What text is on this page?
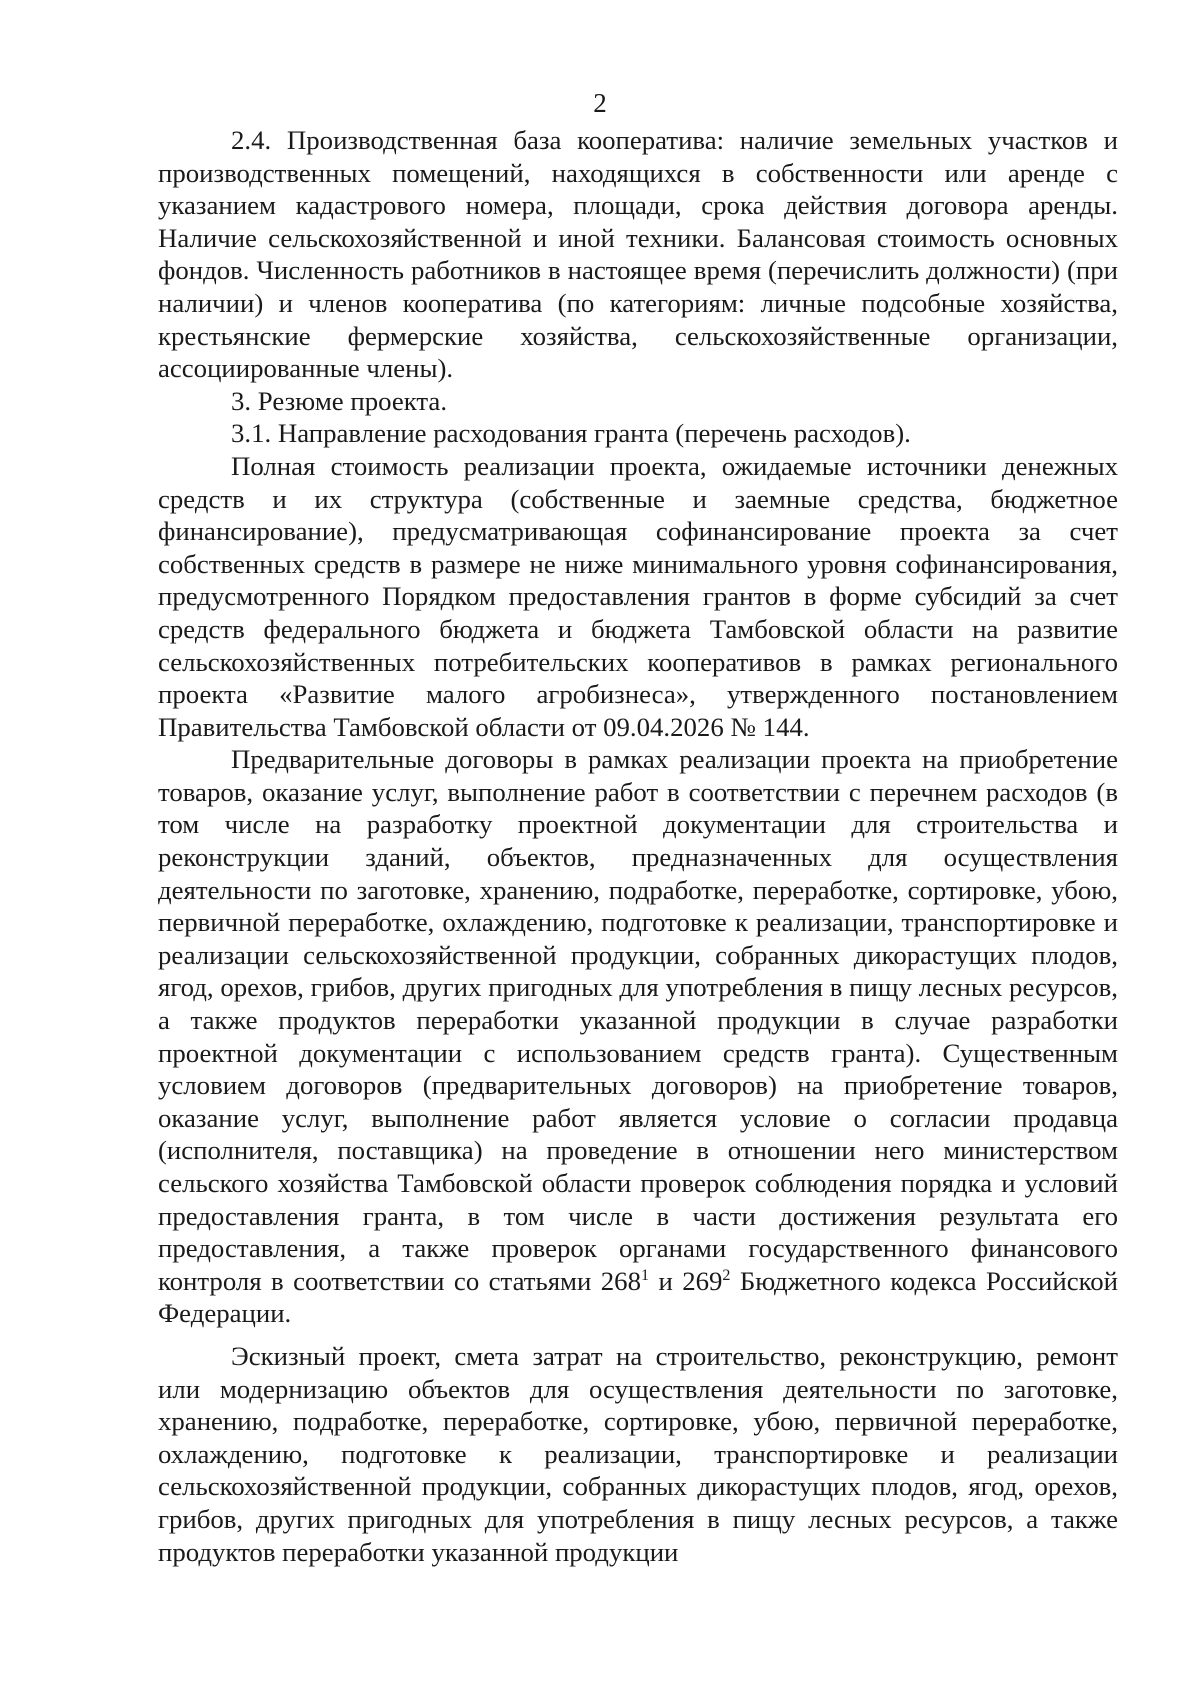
2

2.4. Производственная база кооператива: наличие земельных участков и производственных помещений, находящихся в собственности или аренде с указанием кадастрового номера, площади, срока действия договора аренды. Наличие сельскохозяйственной и иной техники. Балансовая стоимость основных фондов. Численность работников в настоящее время (перечислить должности) (при наличии) и членов кооператива (по категориям: личные подсобные хозяйства, крестьянские фермерские хозяйства, сельскохозяйственные организации, ассоциированные члены).

3. Резюме проекта.

3.1. Направление расходования гранта (перечень расходов).

Полная стоимость реализации проекта, ожидаемые источники денежных средств и их структура (собственные и заемные средства, бюджетное финансирование), предусматривающая софинансирование проекта за счет собственных средств в размере не ниже минимального уровня софинансирования, предусмотренного Порядком предоставления грантов в форме субсидий за счет средств федерального бюджета и бюджета Тамбовской области на развитие сельскохозяйственных потребительских кооперативов в рамках регионального проекта «Развитие малого агробизнеса», утвержденного постановлением Правительства Тамбовской области от 09.04.2026 № 144.

Предварительные договоры в рамках реализации проекта на приобретение товаров, оказание услуг, выполнение работ в соответствии с перечнем расходов (в том числе на разработку проектной документации для строительства и реконструкции зданий, объектов, предназначенных для осуществления деятельности по заготовке, хранению, подработке, переработке, сортировке, убою, первичной переработке, охлаждению, подготовке к реализации, транспортировке и реализации сельскохозяйственной продукции, собранных дикорастущих плодов, ягод, орехов, грибов, других пригодных для употребления в пищу лесных ресурсов, а также продуктов переработки указанной продукции в случае разработки проектной документации с использованием средств гранта). Существенным условием договоров (предварительных договоров) на приобретение товаров, оказание услуг, выполнение работ является условие о согласии продавца (исполнителя, поставщика) на проведение в отношении него министерством сельского хозяйства Тамбовской области проверок соблюдения порядка и условий предоставления гранта, в том числе в части достижения результата его предоставления, а также проверок органами государственного финансового контроля в соответствии со статьями $268^1$ и $269^2$ Бюджетного кодекса Российской Федерации.

Эскизный проект, смета затрат на строительство, реконструкцию, ремонт или модернизацию объектов для осуществления деятельности по заготовке, хранению, подработке, переработке, сортировке, убою, первичной переработке, охлаждению, подготовке к реализации, транспортировке и реализации сельскохозяйственной продукции, собранных дикорастущих плодов, ягод, орехов, грибов, других пригодных для употребления в пищу лесных ресурсов, а также продуктов переработки указанной продукции
